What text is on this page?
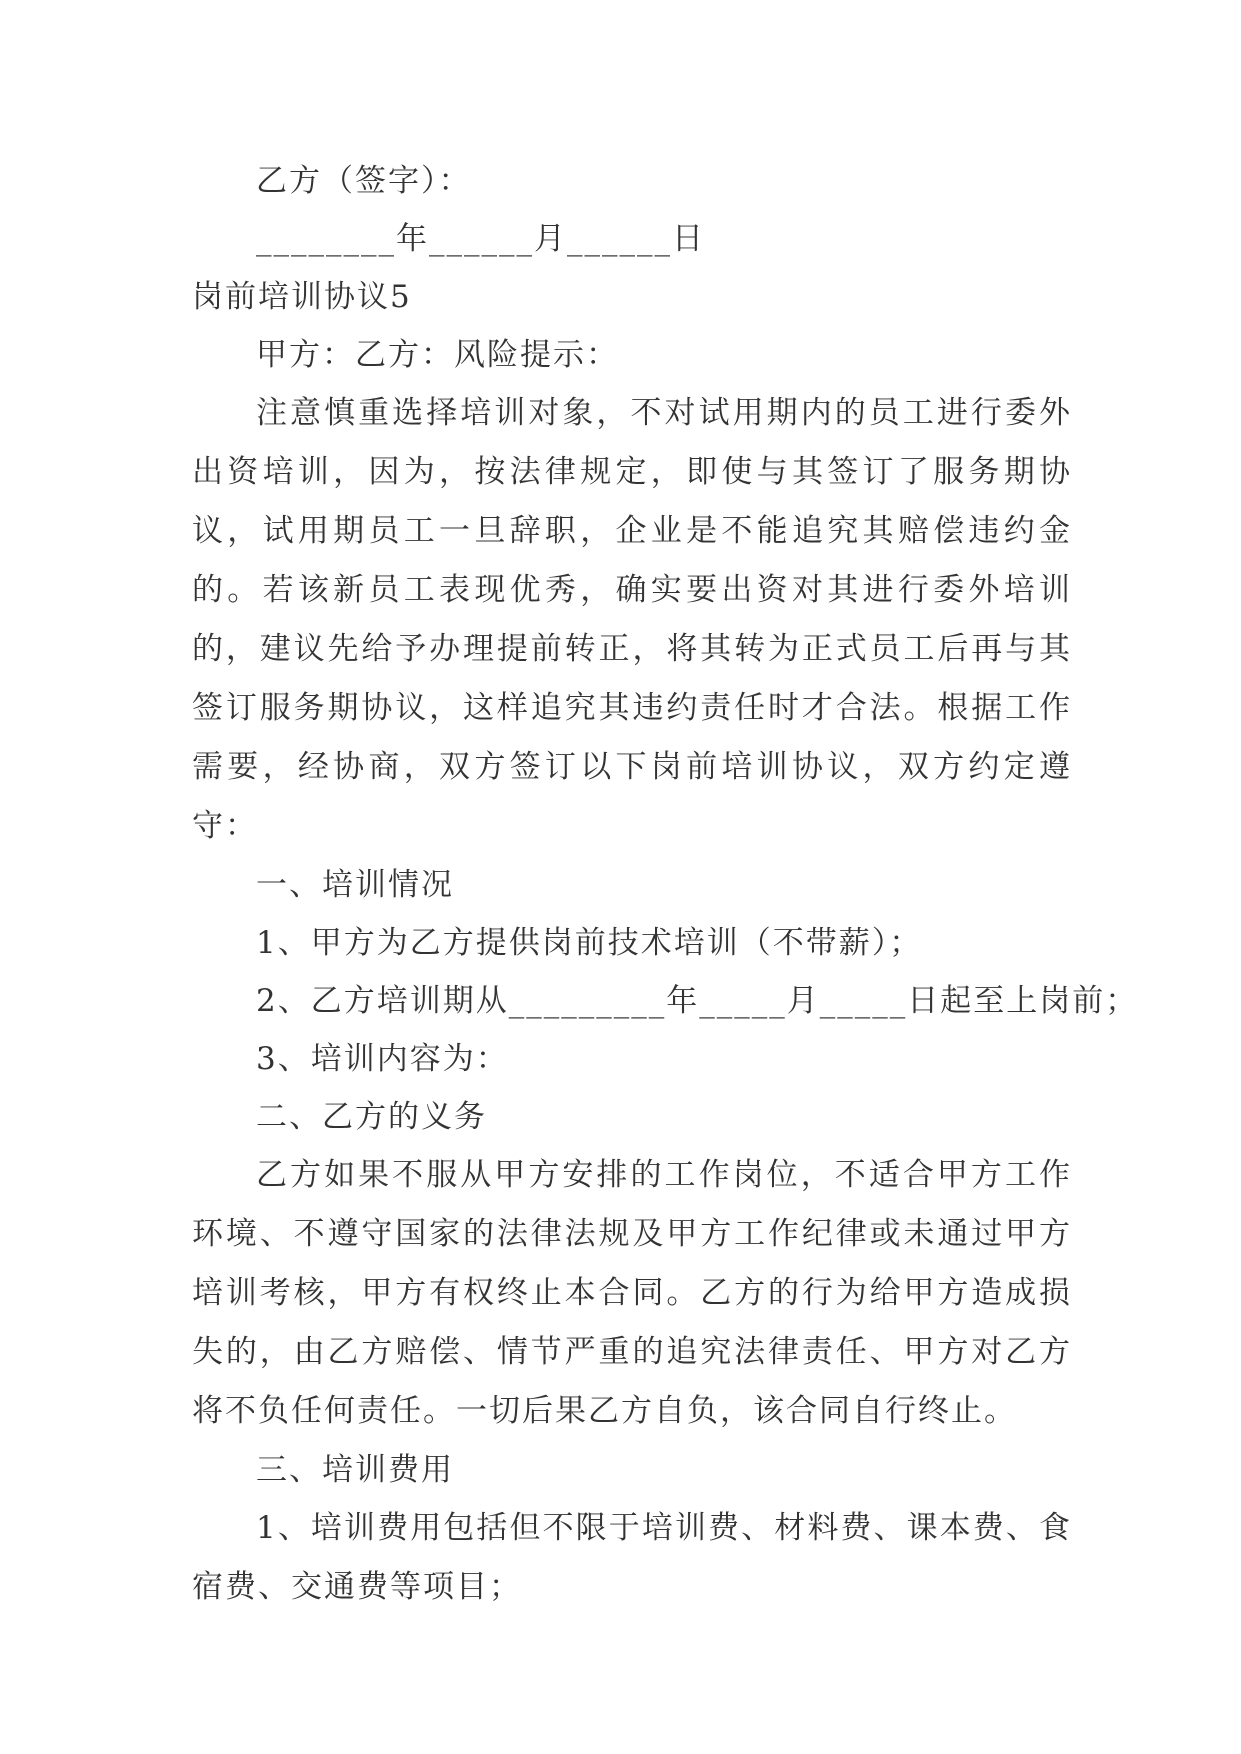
乙方（签字）：
________年______月______日
岗前培训协议5
甲方：乙方：风险提示：
注意慎重选择培训对象，不对试用期内的员工进行委外出资培训，因为，按法律规定，即使与其签订了服务期协议，试用期员工一旦辞职，企业是不能追究其赔偿违约金的。若该新员工表现优秀，确实要出资对其进行委外培训的，建议先给予办理提前转正，将其转为正式员工后再与其签订服务期协议，这样追究其违约责任时才合法。根据工作需要，经协商，双方签订以下岗前培训协议，双方约定遵守：
一、培训情况
1、甲方为乙方提供岗前技术培训（不带薪）；
2、乙方培训期从_________年_____月_____日起至上岗前；
3、培训内容为：
二、乙方的义务
乙方如果不服从甲方安排的工作岗位，不适合甲方工作环境、不遵守国家的法律法规及甲方工作纪律或未通过甲方培训考核，甲方有权终止本合同。乙方的行为给甲方造成损失的，由乙方赔偿、情节严重的追究法律责任、甲方对乙方将不负任何责任。一切后果乙方自负，该合同自行终止。
三、培训费用
1、培训费用包括但不限于培训费、材料费、课本费、食宿费、交通费等项目；
